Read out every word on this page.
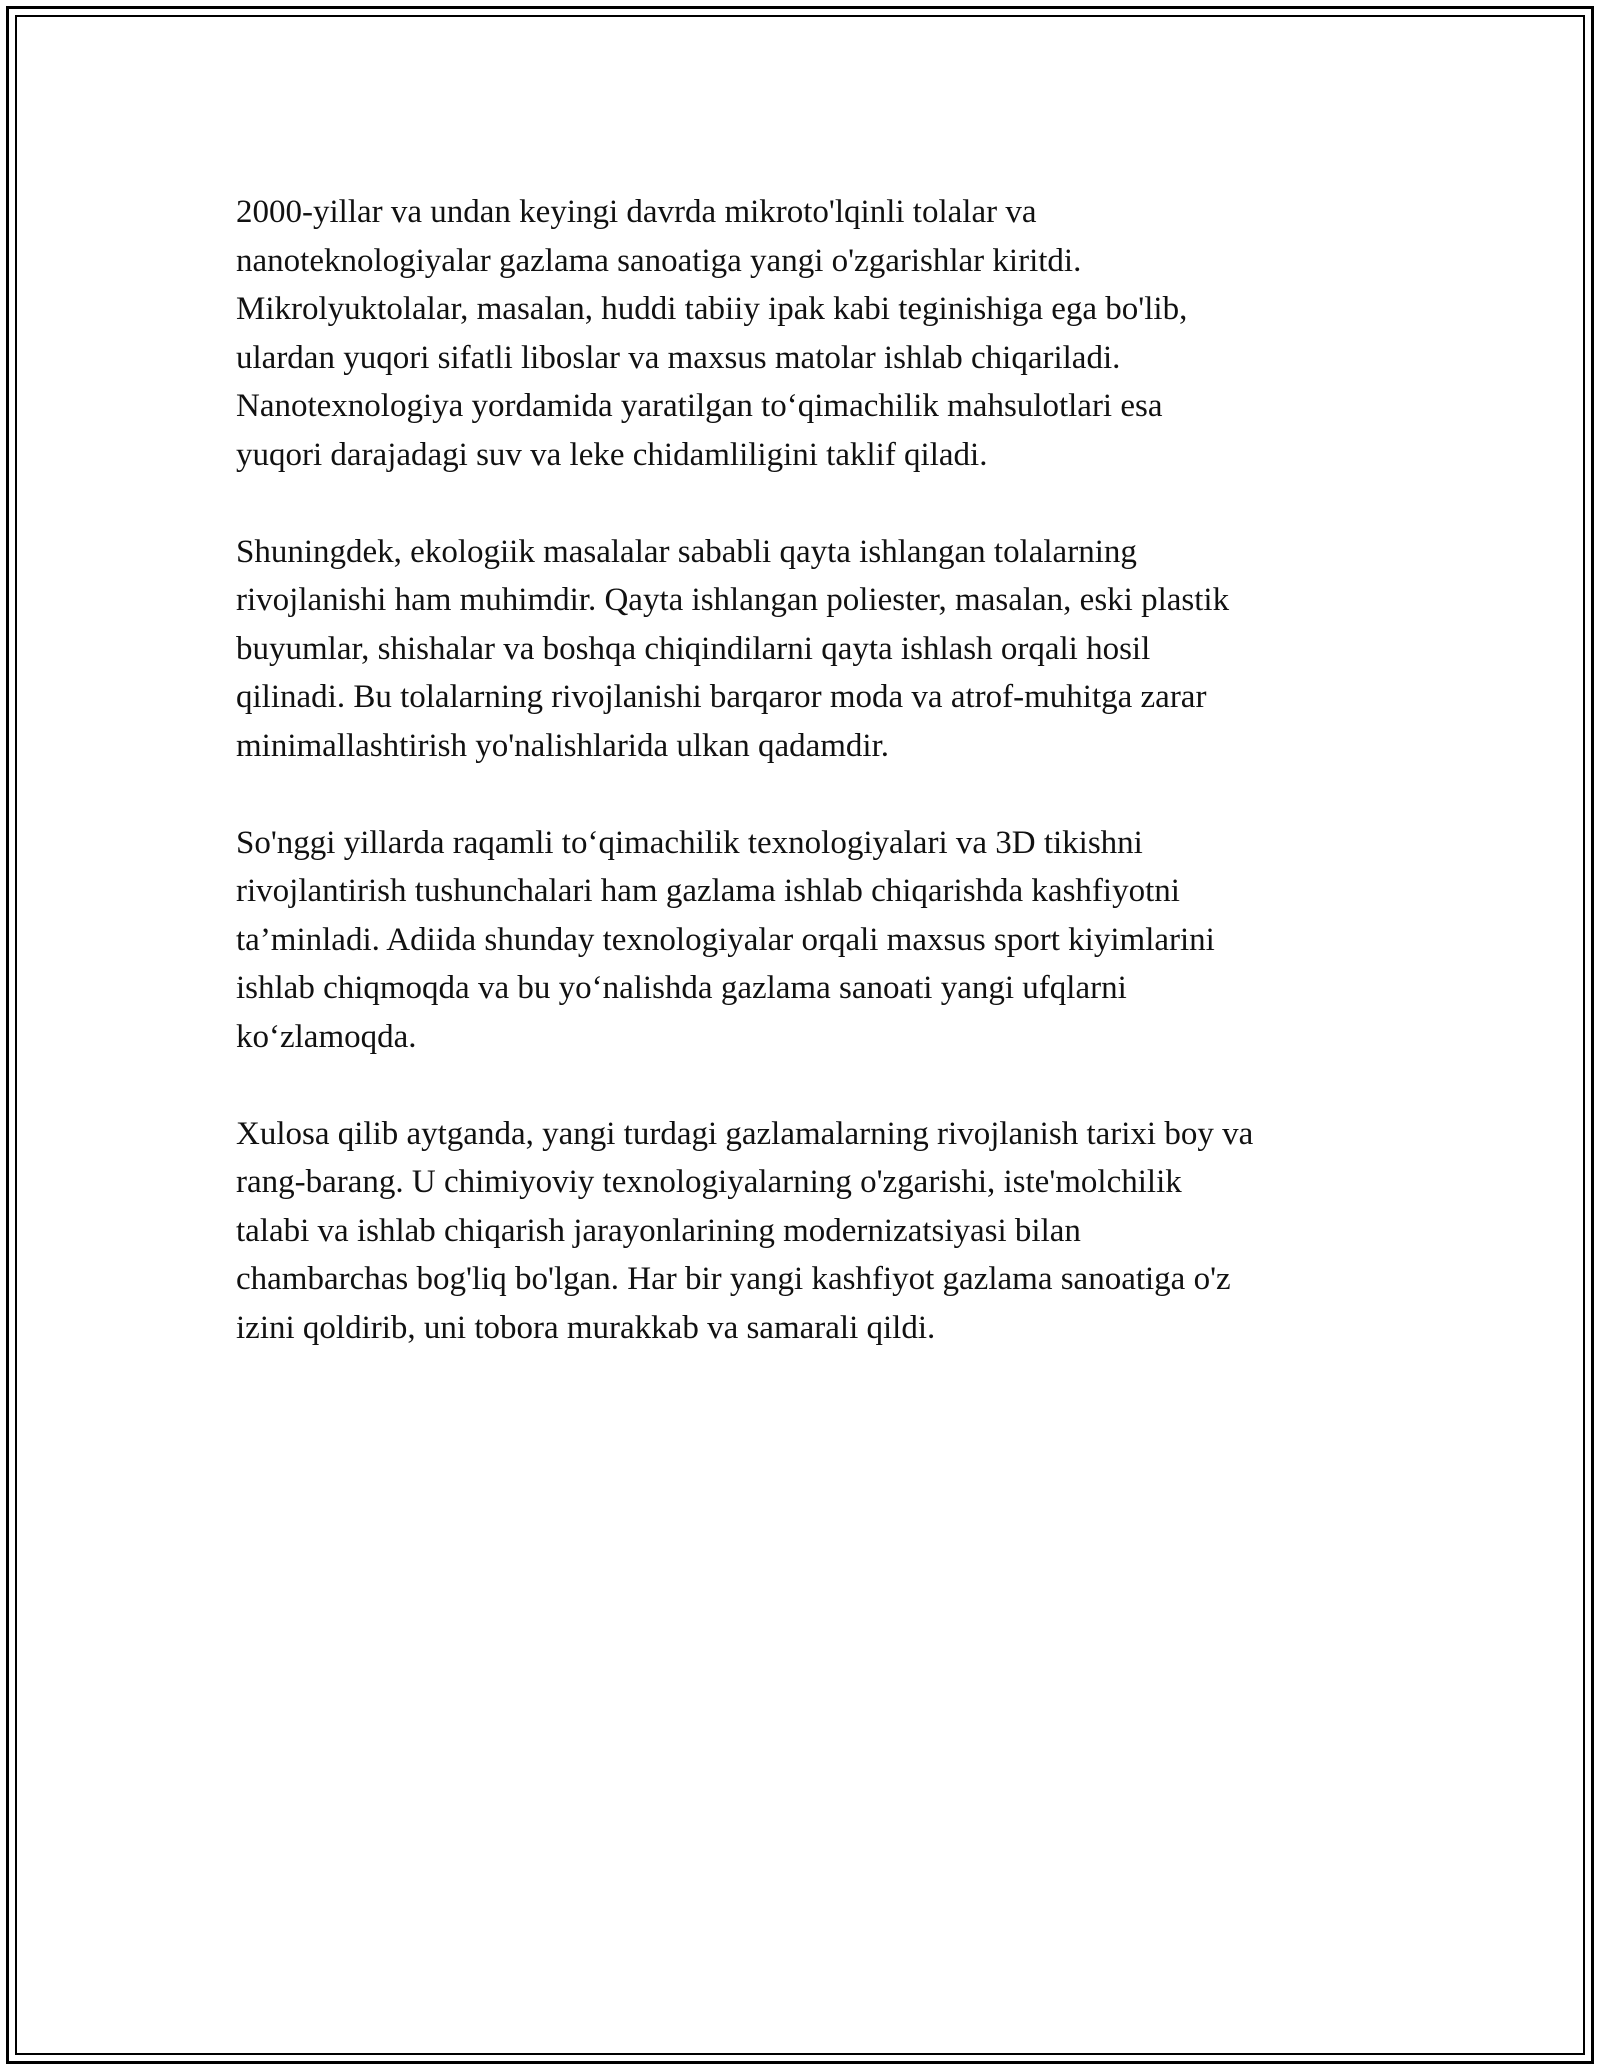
2000-yillar va undan keyingi davrda mikroto'lqinli tolalar va
nanoteknologiyalar gazlama sanoatiga yangi o'zgarishlar kiritdi.
Mikrolyuktolalar, masalan, huddi tabiiy ipak kabi teginishiga ega bo'lib,
ulardan yuqori sifatli liboslar va maxsus matolar ishlab chiqariladi.
Nanotexnologiya yordamida yaratilgan to‘qimachilik mahsulotlari esa
yuqori darajadagi suv va leke chidamliligini taklif qiladi.

Shuningdek, ekologiik masalalar sababli qayta ishlangan tolalarning
rivojlanishi ham muhimdir. Qayta ishlangan poliester, masalan, eski plastik
buyumlar, shishalar va boshqa chiqindilarni qayta ishlash orqali hosil
qilinadi. Bu tolalarning rivojlanishi barqaror moda va atrof-muhitga zarar
minimallashtirish yo'nalishlarida ulkan qadamdir.

So'nggi yillarda raqamli to‘qimachilik texnologiyalari va 3D tikishni
rivojlantirish tushunchalari ham gazlama ishlab chiqarishda kashfiyotni
ta’minladi. Adiida shunday texnologiyalar orqali maxsus sport kiyimlarini
ishlab chiqmoqda va bu yo‘nalishda gazlama sanoati yangi ufqlarni
ko‘zlamoqda.

Xulosa qilib aytganda, yangi turdagi gazlamalarning rivojlanish tarixi boy va
rang-barang. U chimiyoviy texnologiyalarning o'zgarishi, iste'molchilik
talabi va ishlab chiqarish jarayonlarining modernizatsiyasi bilan
chambarchas bog'liq bo'lgan. Har bir yangi kashfiyot gazlama sanoatiga o'z
izini qoldirib, uni tobora murakkab va samarali qildi.
